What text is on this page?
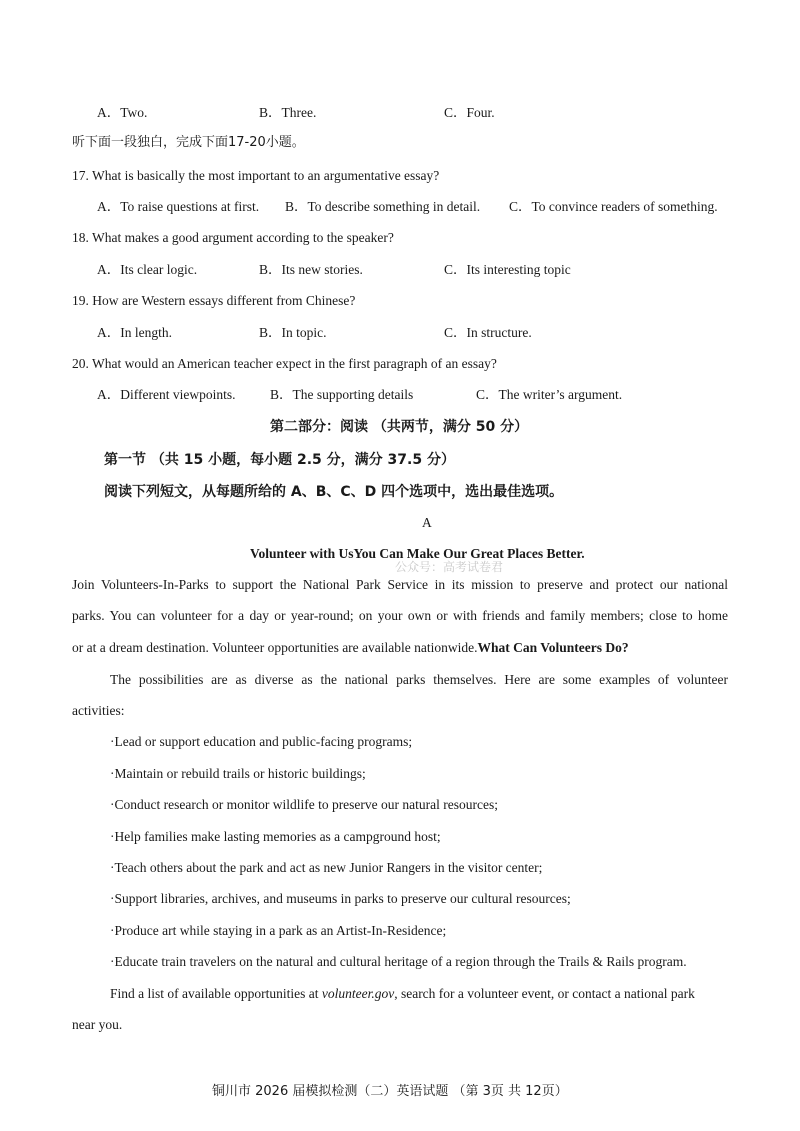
A．Two.	B．Three.	C．Four.
听下面一段独白，完成下面17-20小题。
17. What is basically the most important to an argumentative essay?
A．To raise questions at first. B．To describe something in detail. C．To convince readers of something.
18. What makes a good argument according to the speaker?
A．Its clear logic.	B．Its new stories.	C．Its interesting topic
19. How are Western essays different from Chinese?
A．In length.	B．In topic.	C．In structure.
20. What would an American teacher expect in the first paragraph of an essay?
A．Different viewpoints.	B．The supporting details	C．The writer’s argument.
第二部分：阅读 （共两节，满分 50 分）
第一节 （共 15 小题，每小题 2.5 分，满分 37.5 分）
阅读下列短文，从每题所给的 A、B、C、D 四个选项中，选出最佳选项。
A
Volunteer with UsYou Can Make Our Great Places Better.
公众号：高考试卷君
Join Volunteers-In-Parks to support the National Park Service in its mission to preserve and protect our national
parks. You can volunteer for a day or year-round; on your own or with friends and family members; close to home
or at a dream destination. Volunteer opportunities are available nationwide.What Can Volunteers Do?
The possibilities are as diverse as the national parks themselves. Here are some examples of volunteer
activities:
·Lead or support education and public-facing programs;
·Maintain or rebuild trails or historic buildings;
·Conduct research or monitor wildlife to preserve our natural resources;
·Help families make lasting memories as a campground host;
·Teach others about the park and act as new Junior Rangers in the visitor center;
·Support libraries, archives, and museums in parks to preserve our cultural resources;
·Produce art while staying in a park as an Artist-In-Residence;
·Educate train travelers on the natural and cultural heritage of a region through the Trails & Rails program.
Find a list of available opportunities at volunteer.gov, search for a volunteer event, or contact a national park
near you.
铜川市 2026 届模拟检测（二）英语试题 （第 3页 共 12页）
